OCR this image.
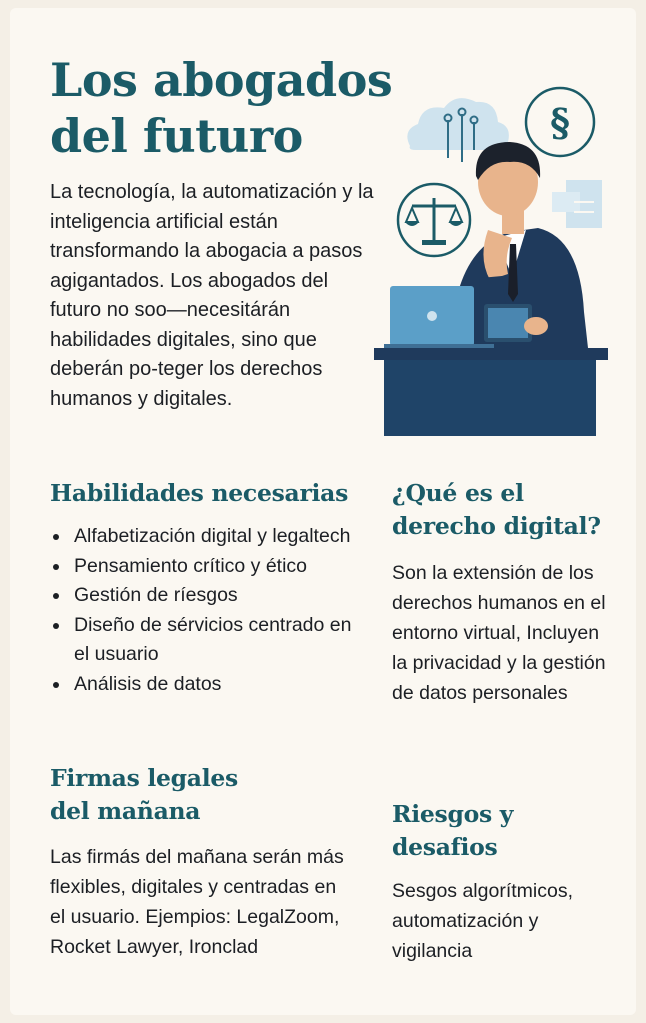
Los abogados
del futuro

La tecnología, la automatización y la inteligencia artificial están transformando la abogacia a pasos agigantados. Los abogados del futuro no soo—necesitárán habilidades digitales, sino que deberán po-teger los derechos humanos y digitales.

§
Habilidades necesarias
Alfabetización digital y legaltech
Pensamiento crítico y ético
Gestión de ríesgos
Diseño de sérvicios centrado en el usuario
Análisis de datos
Firmas legales
del mañana

Las firmás del mañana serán más flexibles, digitales y centradas en el usuario. Ejempios: LegalZoom, Rocket Lawyer, Ironclad

¿Qué es el
derecho digital?

Son la extensión de los derechos humanos en el entorno virtual, Incluyen la privacidad y la gestión de datos personales

Riesgos y
desafios

Sesgos algorítmicos, automatización y vigilancia
